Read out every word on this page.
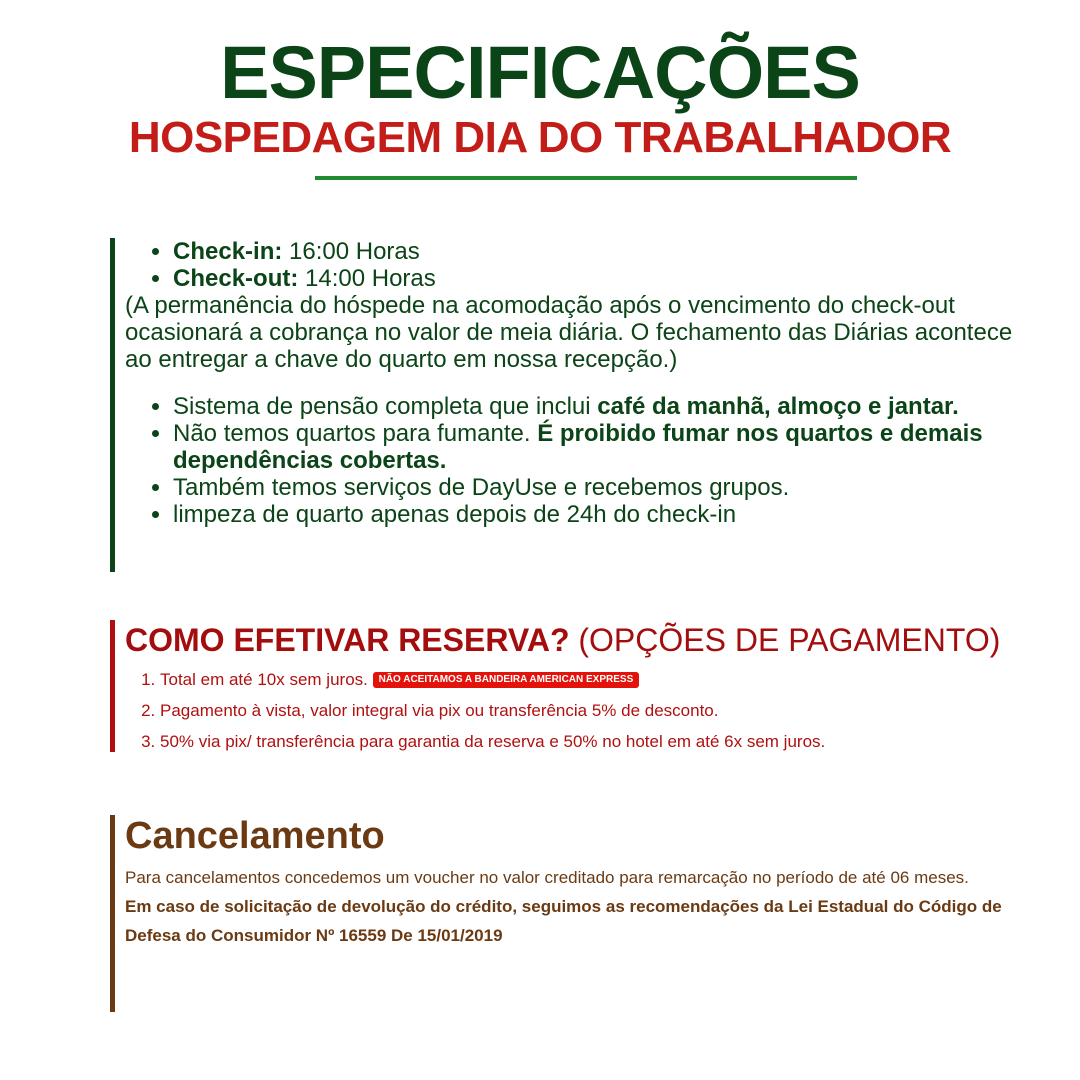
ESPECIFICAÇÕES
HOSPEDAGEM DIA DO TRABALHADOR
• Check-in: 16:00 Horas
• Check-out: 14:00 Horas

(A permanência do hóspede na acomodação após o vencimento do check-out ocasionará a cobrança no valor de meia diária. O fechamento das Diárias acontece ao entregar a chave do quarto em nossa recepção.)

• Sistema de pensão completa que inclui café da manhã, almoço e jantar.
• Não temos quartos para fumante. É proibido fumar nos quartos e demais dependências cobertas.
• Também temos serviços de DayUse e recebemos grupos.
• limpeza de quarto apenas depois de 24h do check-in
COMO EFETIVAR RESERVA? (OPÇÕES DE PAGAMENTO)
1. Total em até 10x sem juros. NÃO ACEITAMOS A BANDEIRA AMERICAN EXPRESS
2. Pagamento à vista, valor integral via pix ou transferência 5% de desconto.
3. 50% via pix/ transferência para garantia da reserva e 50% no hotel em até 6x sem juros.
Cancelamento

Para cancelamentos concedemos um voucher no valor creditado para remarcação no período de até 06 meses.

Em caso de solicitação de devolução do crédito, seguimos as recomendações da Lei Estadual do Código de Defesa do Consumidor Nº 16559 De 15/01/2019
